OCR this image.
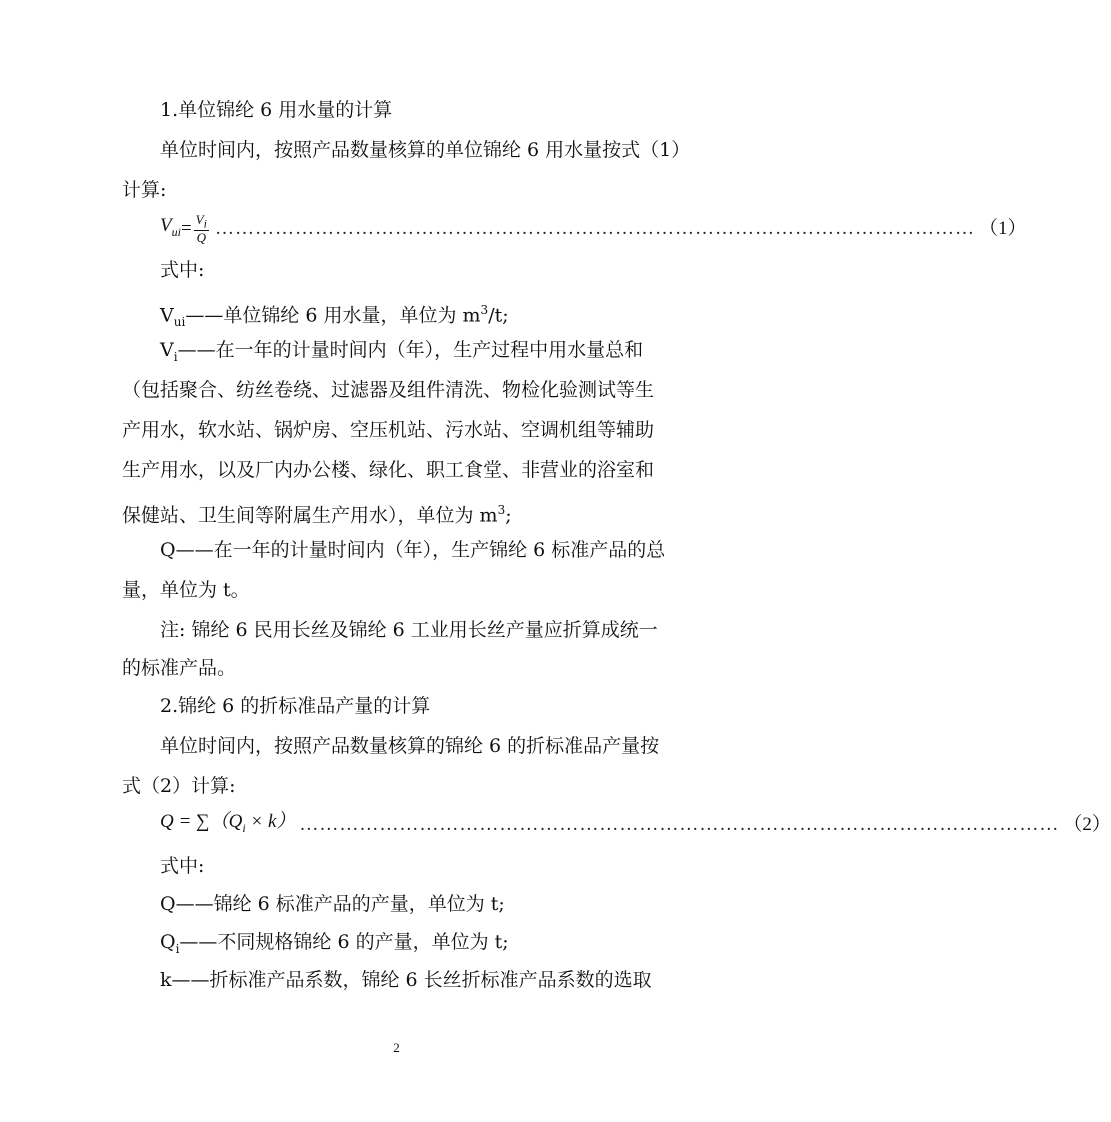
1.单位锦纶 6 用水量的计算
单位时间内，按照产品数量核算的单位锦纶 6 用水量按式（1）
计算:
$V_{ui} = \frac{V_i}{Q}$ …………………………………………………………………………………………………… （1）
式中:
$V_{ui}——$单位锦纶 6 用水量，单位为 $m^3/t$;
$V_i——$在一年的计量时间内（年），生产过程中用水量总和
（包括聚合、纺丝卷绕、过滤器及组件清洗、物检化验测试等生
产用水，软水站、锅炉房、空压机站、污水站、空调机组等辅助
生产用水，以及厂内办公楼、绿化、职工食堂、非营业的浴室和
保健站、卫生间等附属生产用水），单位为 $m^3$;
Q——在一年的计量时间内（年），生产锦纶 6 标准产品的总
量，单位为 t。
注: 锦纶 6 民用长丝及锦纶 6 工业用长丝产量应折算成统一
的标准产品。
2.锦纶 6 的折标准品产量的计算
单位时间内，按照产品数量核算的锦纶 6 的折标准品产量按
式（2）计算:
$Q = \sum(Q_i \times k)$ …………………………………………………………………………………………………… （2）
式中:
Q——锦纶 6 标准产品的产量，单位为 t;
$Q_i——$不同规格锦纶 6 的产量，单位为 t;
k——折标准产品系数，锦纶 6 长丝折标准产品系数的选取
2
